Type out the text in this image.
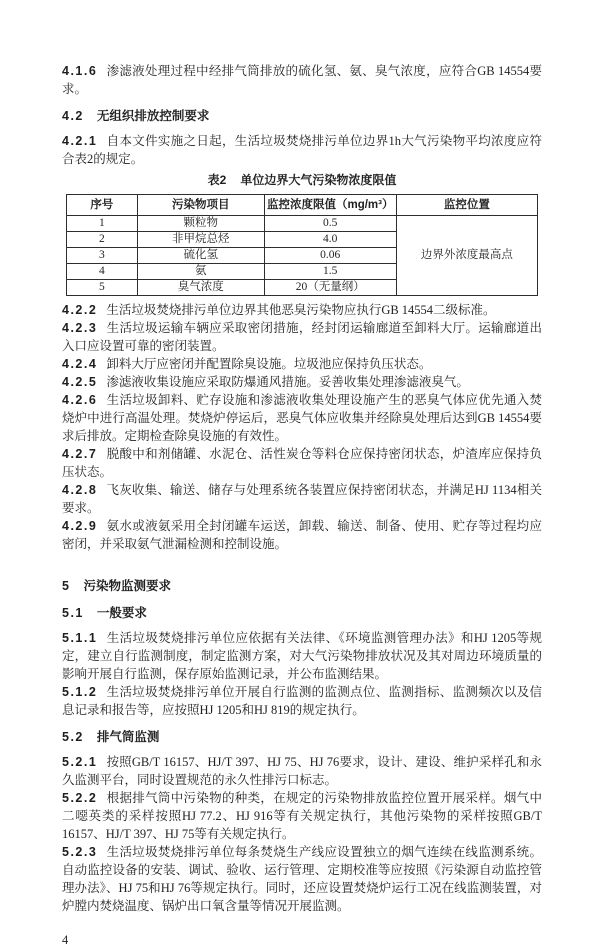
4.1.6 渗滤液处理过程中经排气筒排放的硫化氢、氨、臭气浓度，应符合GB 14554要求。

4.2 无组织排放控制要求

4.2.1 自本文件实施之日起，生活垃圾焚烧排污单位边界1h大气污染物平均浓度应符合表2的规定。

表2 单位边界大气污染物浓度限值
序号	污染物项目	监控浓度限值（mg/m³）	监控位置
1	颗粒物	0.5	边界外浓度最高点
2	非甲烷总烃	4.0	
3	硫化氢	0.06	
4	氨	1.5	
5	臭气浓度	20（无量纲）	

4.2.2 生活垃圾焚烧排污单位边界其他恶臭污染物应执行GB 14554二级标准。

4.2.3 生活垃圾运输车辆应采取密闭措施，经封闭运输廊道至卸料大厅。运输廊道出入口应设置可靠的密闭装置。

4.2.4 卸料大厅应密闭并配置除臭设施。垃圾池应保持负压状态。

4.2.5 渗滤液收集设施应采取防爆通风措施。妥善收集处理渗滤液臭气。

4.2.6 生活垃圾卸料、贮存设施和渗滤液收集处理设施产生的恶臭气体应优先通入焚烧炉中进行高温处理。焚烧炉停运后，恶臭气体应收集并经除臭处理后达到GB 14554要求后排放。定期检查除臭设施的有效性。

4.2.7 脱酸中和剂储罐、水泥仓、活性炭仓等料仓应保持密闭状态，炉渣库应保持负压状态。

4.2.8 飞灰收集、输送、储存与处理系统各装置应保持密闭状态，并满足HJ 1134相关要求。

4.2.9 氨水或液氨采用全封闭罐车运送，卸载、输送、制备、使用、贮存等过程均应密闭，并采取氨气泄漏检测和控制设施。

5 污染物监测要求
5.1 一般要求

5.1.1 生活垃圾焚烧排污单位应依据有关法律、《环境监测管理办法》和HJ 1205等规定，建立自行监测制度，制定监测方案，对大气污染物排放状况及其对周边环境质量的影响开展自行监测，保存原始监测记录，并公布监测结果。

5.1.2 生活垃圾焚烧排污单位开展自行监测的监测点位、监测指标、监测频次以及信息记录和报告等，应按照HJ 1205和HJ 819的规定执行。

5.2 排气筒监测

5.2.1 按照GB/T 16157、HJ/T 397、HJ 75、HJ 76要求，设计、建设、维护采样孔和永久监测平台，同时设置规范的永久性排污口标志。

5.2.2 根据排气筒中污染物的种类，在规定的污染物排放监控位置开展采样。烟气中二噁英类的采样按照HJ 77.2、HJ 916等有关规定执行，其他污染物的采样按照GB/T 16157、HJ/T 397、HJ 75等有关规定执行。

5.2.3 生活垃圾焚烧排污单位每条焚烧生产线应设置独立的烟气连续在线监测系统。自动监控设备的安装、调试、验收、运行管理、定期校准等应按照《污染源自动监控管理办法》、HJ 75和HJ 76等规定执行。同时，还应设置焚烧炉运行工况在线监测装置，对炉膛内焚烧温度、锅炉出口氧含量等情况开展监测。

4
